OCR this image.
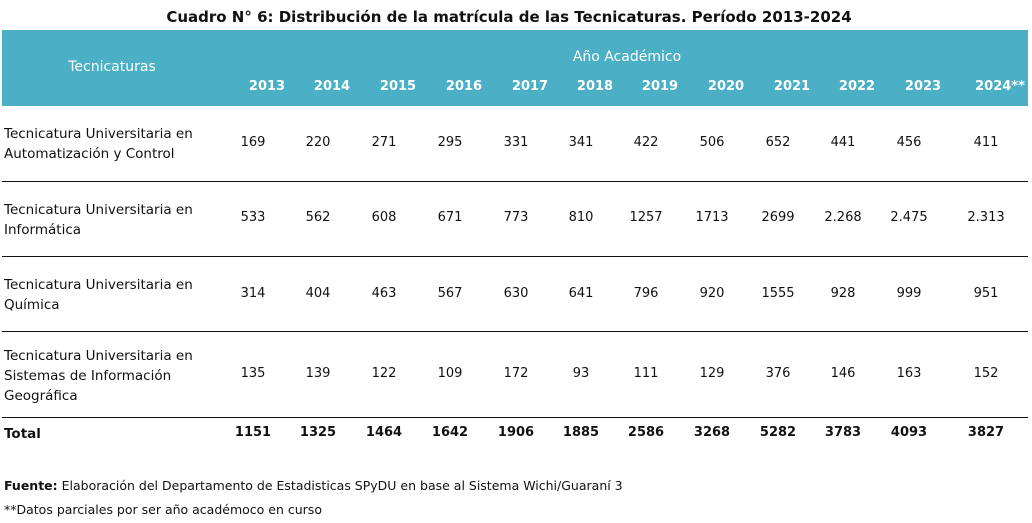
Cuadro N° 6: Distribución de la matrícula de las Tecnicaturas. Período 2013-2024
Tecnicaturas
Año Académico
2013	2014	2015	2016	2017	2018	2019	2020	2021	2022	2023	2024**
Tecnicatura Universitaria en
Automatización y Control
169	220	271	295	331	341	422	506	652	441	456	411
Tecnicatura Universitaria en
Informática
533	562	608	671	773	810	1257	1713	2699	2.268	2.475	2.313
Tecnicatura Universitaria en
Química
314	404	463	567	630	641	796	920	1555	928	999	951
Tecnicatura Universitaria en
Sistemas de Información
Geográfica
135	139	122	109	172	93	111	129	376	146	163	152
Total	1151	1325	1464	1642	1906	1885	2586	3268	5282	3783	4093	3827
Fuente: Elaboración del Departamento de Estadisticas SPyDU en base al Sistema Wichi/Guaraní 3
**Datos parciales por ser año académoco en curso
